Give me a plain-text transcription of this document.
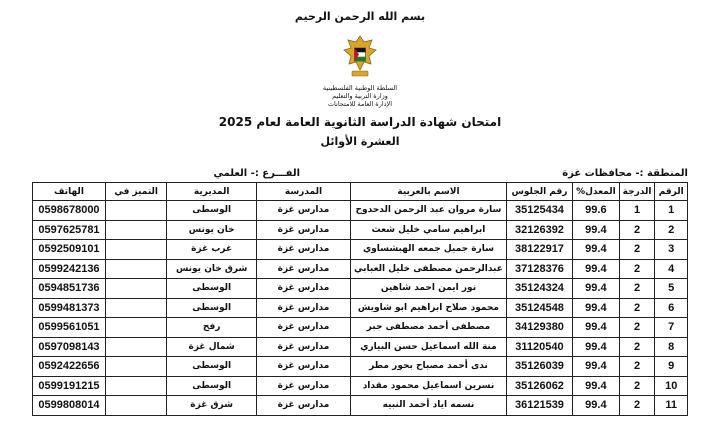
بسم الله الرحمن الرحيم
السلطة الوطنية الفلسطينية
وزارة التربية والتعليم
الإدارة العامة للامتحانات
امتحان شهادة الدراسة الثانوية العامة لعام 2025
العشرة الأوائل
المنطقة :- محافظات غزة
الفـــرع :- العلمي
الرقم	الدرجة	المعدل%	رقم الجلوس	الاسم بالعربية	المدرسة	المديرية	التميز في	الهاتف
1	1	99.6	35125434	سارة مروان عبد الرحمن الدحدوح	مدارس غزة	الوسطى		0598678000
2	2	99.4	32126392	ابراهيم سامي خليل شعث	مدارس غزة	خان يونس		0597625781
3	2	99.4	38122917	سارة جميل جمعه الهبشساوي	مدارس غزة	غرب غزة		0592509101
4	2	99.4	37128376	عبدالرحمن مصطفى خليل العبابي	مدارس غزة	شرق خان يونس		0599242136
5	2	99.4	35124324	نور ايمن احمد شاهين	مدارس غزة	الوسطى		0594851736
6	2	99.4	35124548	محمود صلاح ابراهيم ابو شاويش	مدارس غزة	الوسطى		0599481373
7	2	99.4	34129380	مصطفى أحمد مصطفى جبر	مدارس غزة	رفح		0599561051
8	2	99.4	31120540	منة الله اسماعيل حسن البياري	مدارس غزة	شمال غزة		0597098143
9	2	99.4	35126039	ندى أحمد مصباح بحور مطر	مدارس غزة	الوسطى		0592422656
10	2	99.4	35126062	نسرين اسماعيل محمود مقداد	مدارس غزة	الوسطى		0599191215
11	2	99.4	36121539	نسمه اياد أحمد النبيه	مدارس غزة	شرق غزة		0599808014
